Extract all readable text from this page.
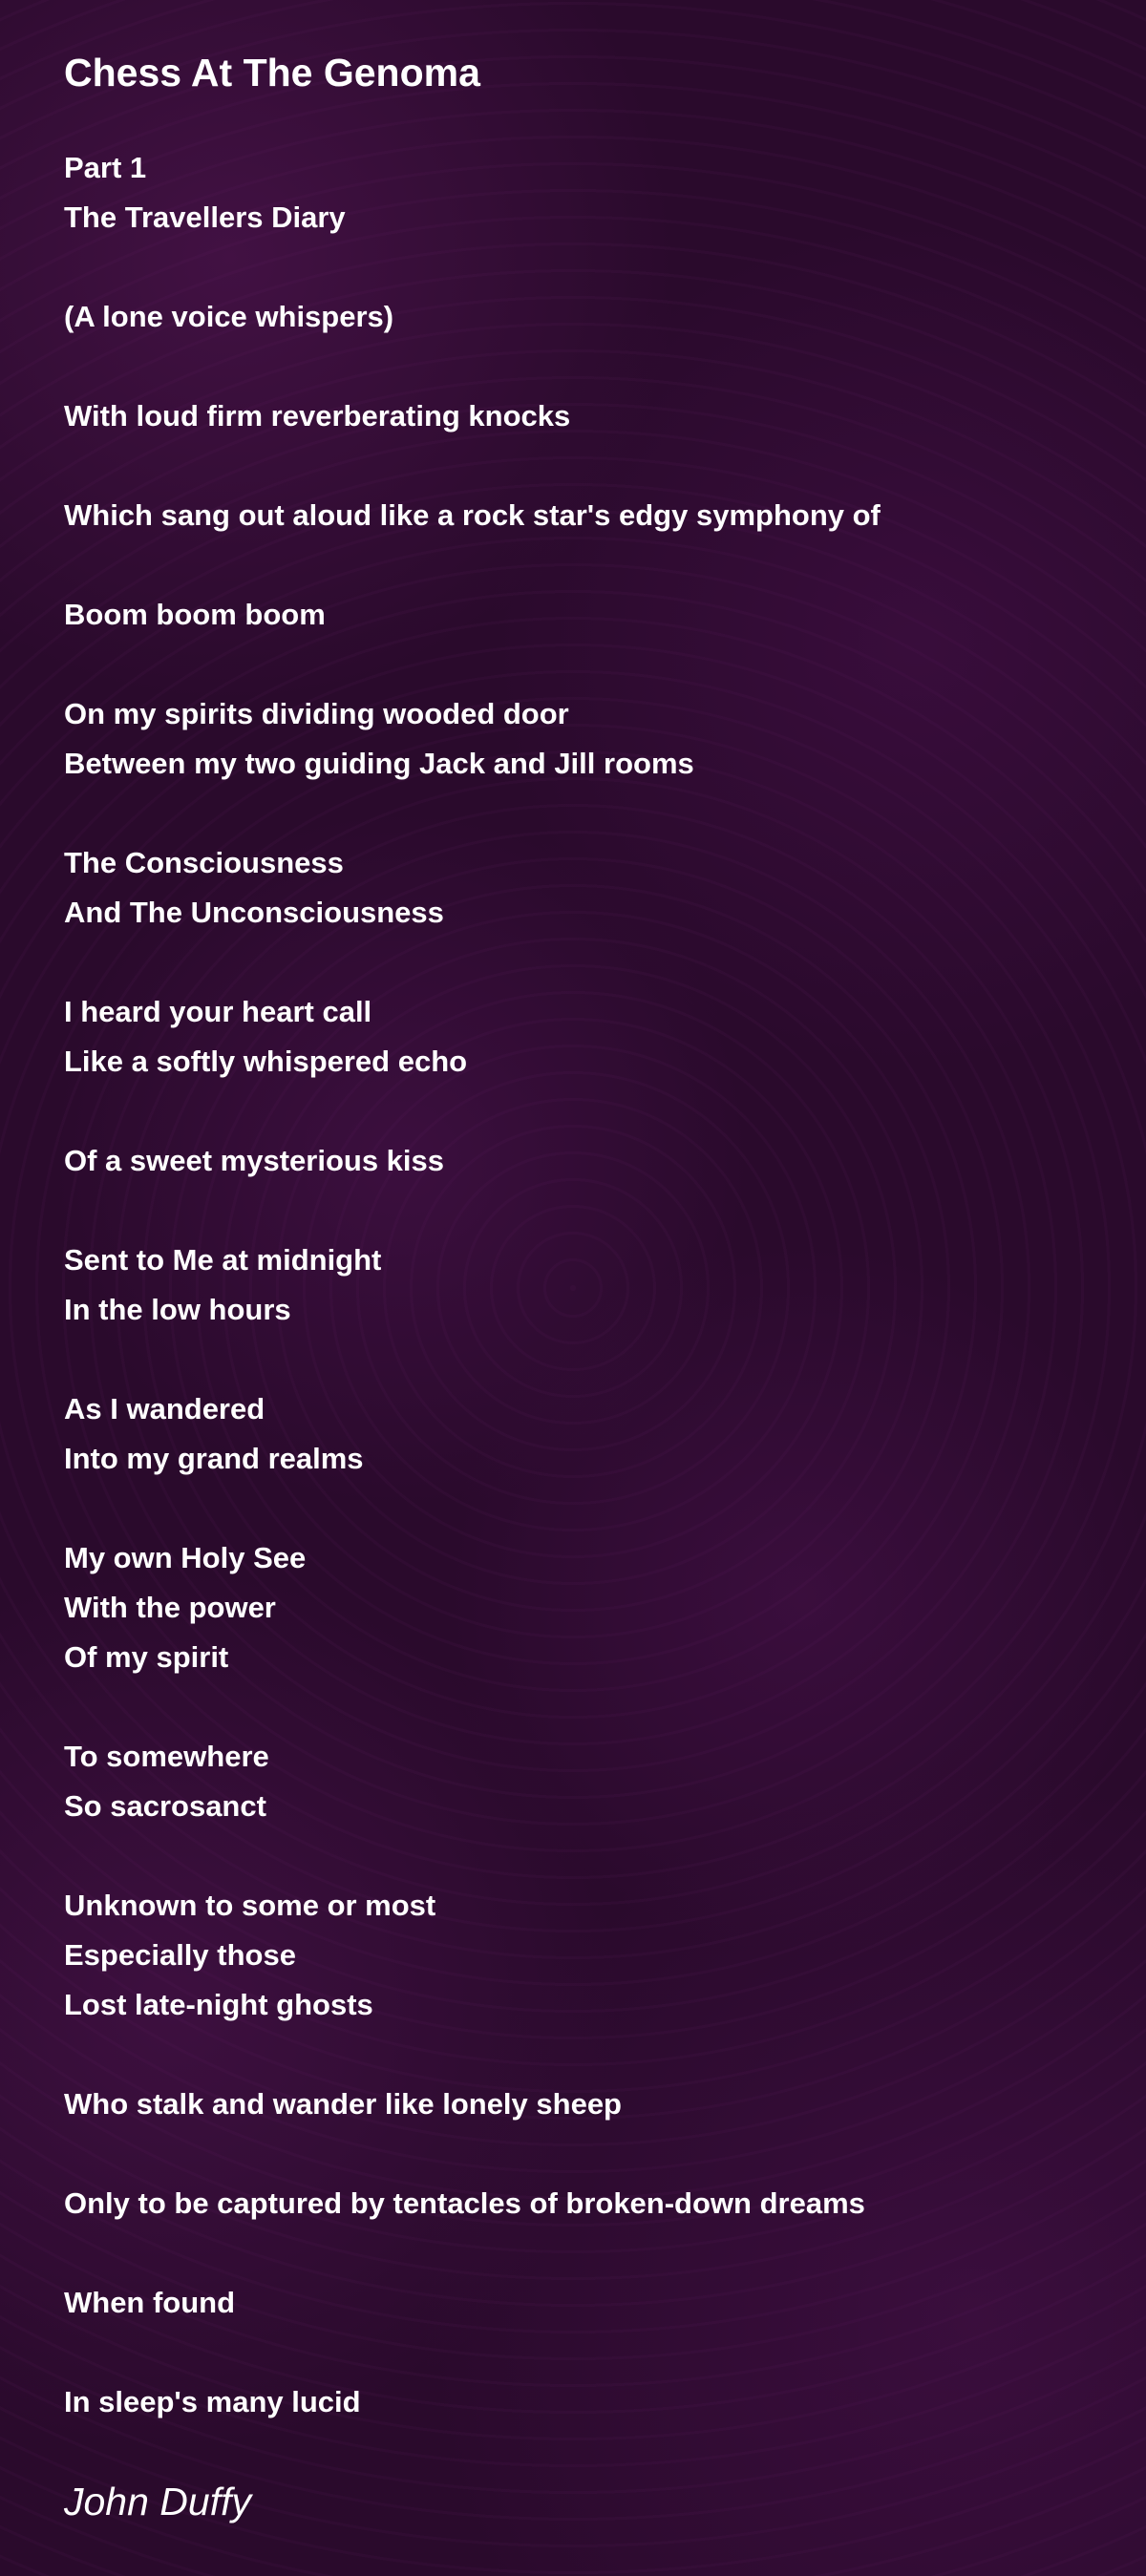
Chess At The Genoma
Part 1
The Travellers Diary
(A lone voice whispers)
With loud firm reverberating knocks
Which sang out aloud like a rock star's edgy symphony of
Boom boom boom
On my spirits dividing wooded door
Between my two guiding Jack and Jill rooms
The Consciousness
And The Unconsciousness
I heard your heart call
Like a softly whispered echo
Of a sweet mysterious kiss
Sent to Me at midnight
In the low hours
As I wandered
Into my grand realms
My own Holy See
With the power
Of my spirit
To somewhere
So sacrosanct
Unknown to some or most
Especially those
Lost late-night ghosts
Who stalk and wander like lonely sheep
Only to be captured by tentacles of broken-down dreams
When found
In sleep's many lucid
John Duffy
